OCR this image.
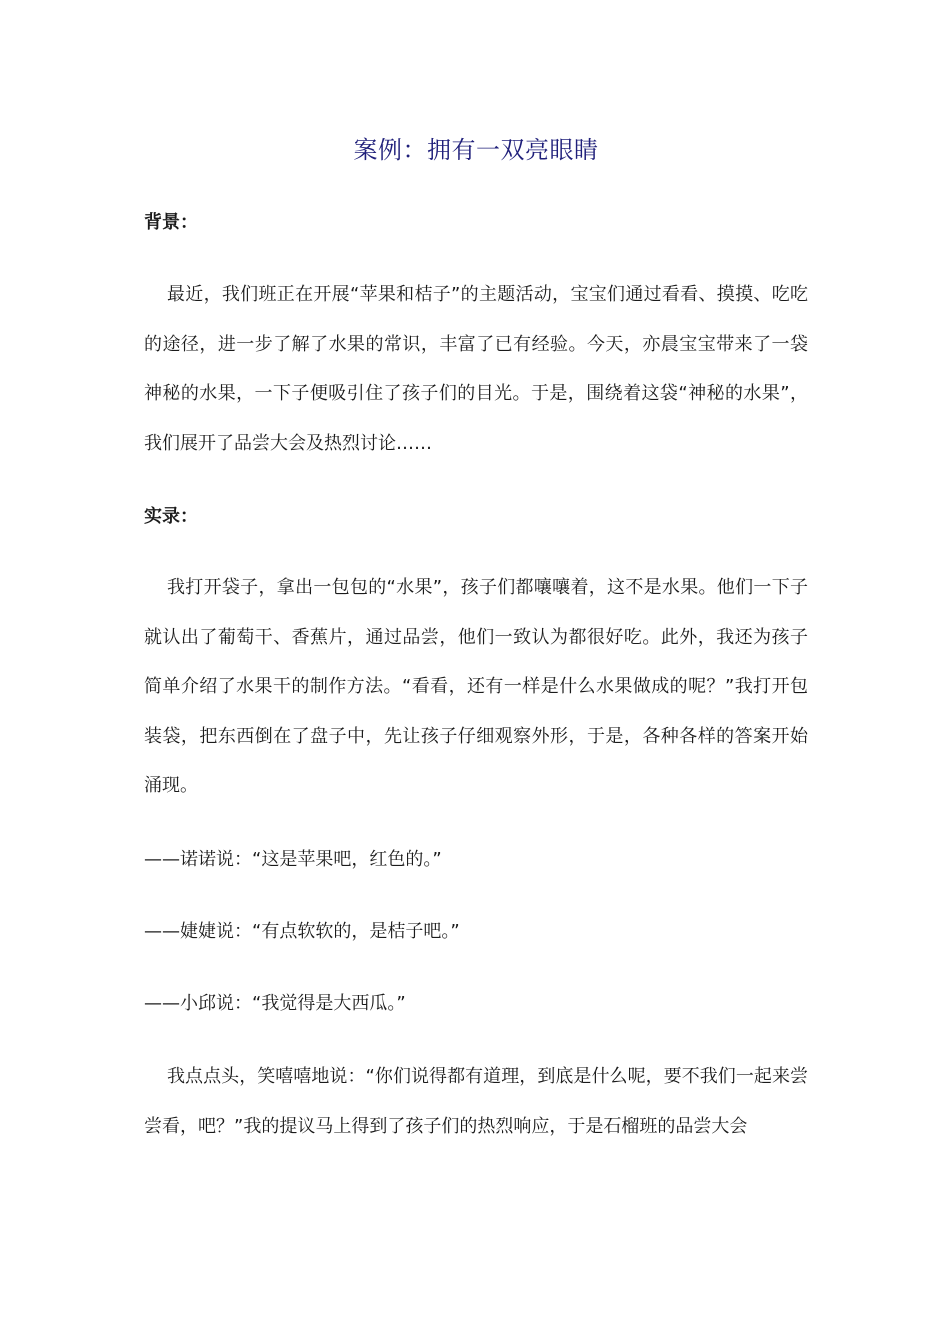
案例：拥有一双亮眼睛
背景：

最近，我们班正在开展“苹果和桔子”的主题活动，宝宝们通过看看、摸摸、吃吃的途径，进一步了解了水果的常识，丰富了已有经验。今天，亦晨宝宝带来了一袋神秘的水果，一下子便吸引住了孩子们的目光。于是，围绕着这袋“神秘的水果”，我们展开了品尝大会及热烈讨论……

实录：

我打开袋子，拿出一包包的“水果”，孩子们都嚷嚷着，这不是水果。他们一下子就认出了葡萄干、香蕉片，通过品尝，他们一致认为都很好吃。此外，我还为孩子简单介绍了水果干的制作方法。“看看，还有一样是什么水果做成的呢？”我打开包装袋，把东西倒在了盘子中，先让孩子仔细观察外形，于是，各种各样的答案开始涌现。

——诺诺说：“这是苹果吧，红色的。”

——婕婕说：“有点软软的，是桔子吧。”

——小邱说：“我觉得是大西瓜。”

我点点头，笑嘻嘻地说：“你们说得都有道理，到底是什么呢，要不我们一起来尝尝看，吧？”我的提议马上得到了孩子们的热烈响应，于是石榴班的品尝大会
